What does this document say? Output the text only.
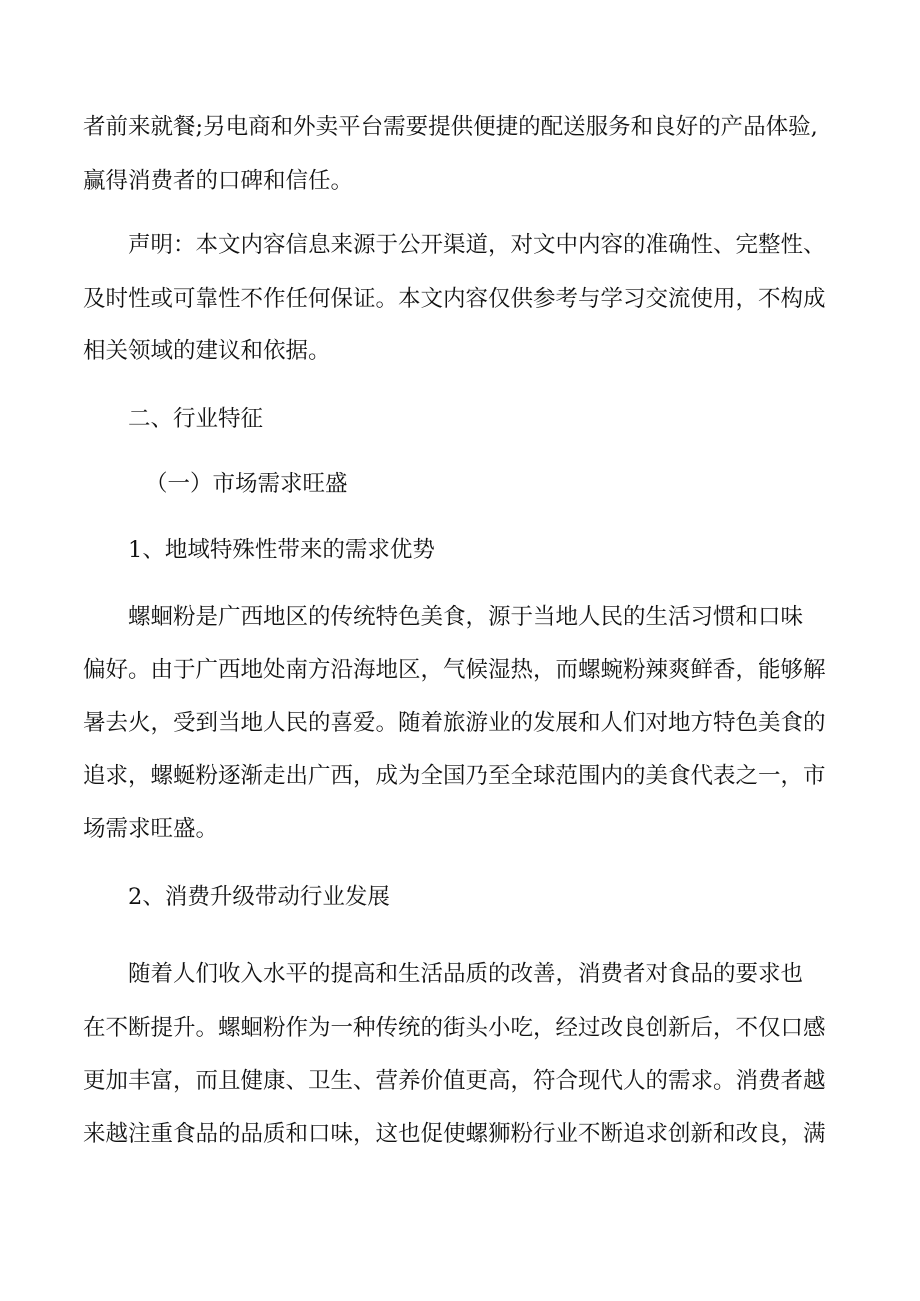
者前来就餐;另电商和外卖平台需要提供便捷的配送服务和良好的产品体验,
赢得消费者的口碑和信任。
声明：本文内容信息来源于公开渠道，对文中内容的准确性、完整性、
及时性或可靠性不作任何保证。本文内容仅供参考与学习交流使用，不构成
相关领域的建议和依据。
二、行业特征
（一）市场需求旺盛
1、地域特殊性带来的需求优势
螺蛔粉是广西地区的传统特色美食，源于当地人民的生活习惯和口味
偏好。由于广西地处南方沿海地区，气候湿热，而螺蜿粉辣爽鲜香，能够解
暑去火，受到当地人民的喜爱。随着旅游业的发展和人们对地方特色美食的
追求，螺蜒粉逐渐走出广西，成为全国乃至全球范围内的美食代表之一，市
场需求旺盛。
2、消费升级带动行业发展
随着人们收入水平的提高和生活品质的改善，消费者对食品的要求也
在不断提升。螺蛔粉作为一种传统的街头小吃，经过改良创新后，不仅口感
更加丰富，而且健康、卫生、营养价值更高，符合现代人的需求。消费者越
来越注重食品的品质和口味，这也促使螺狮粉行业不断追求创新和改良，满
